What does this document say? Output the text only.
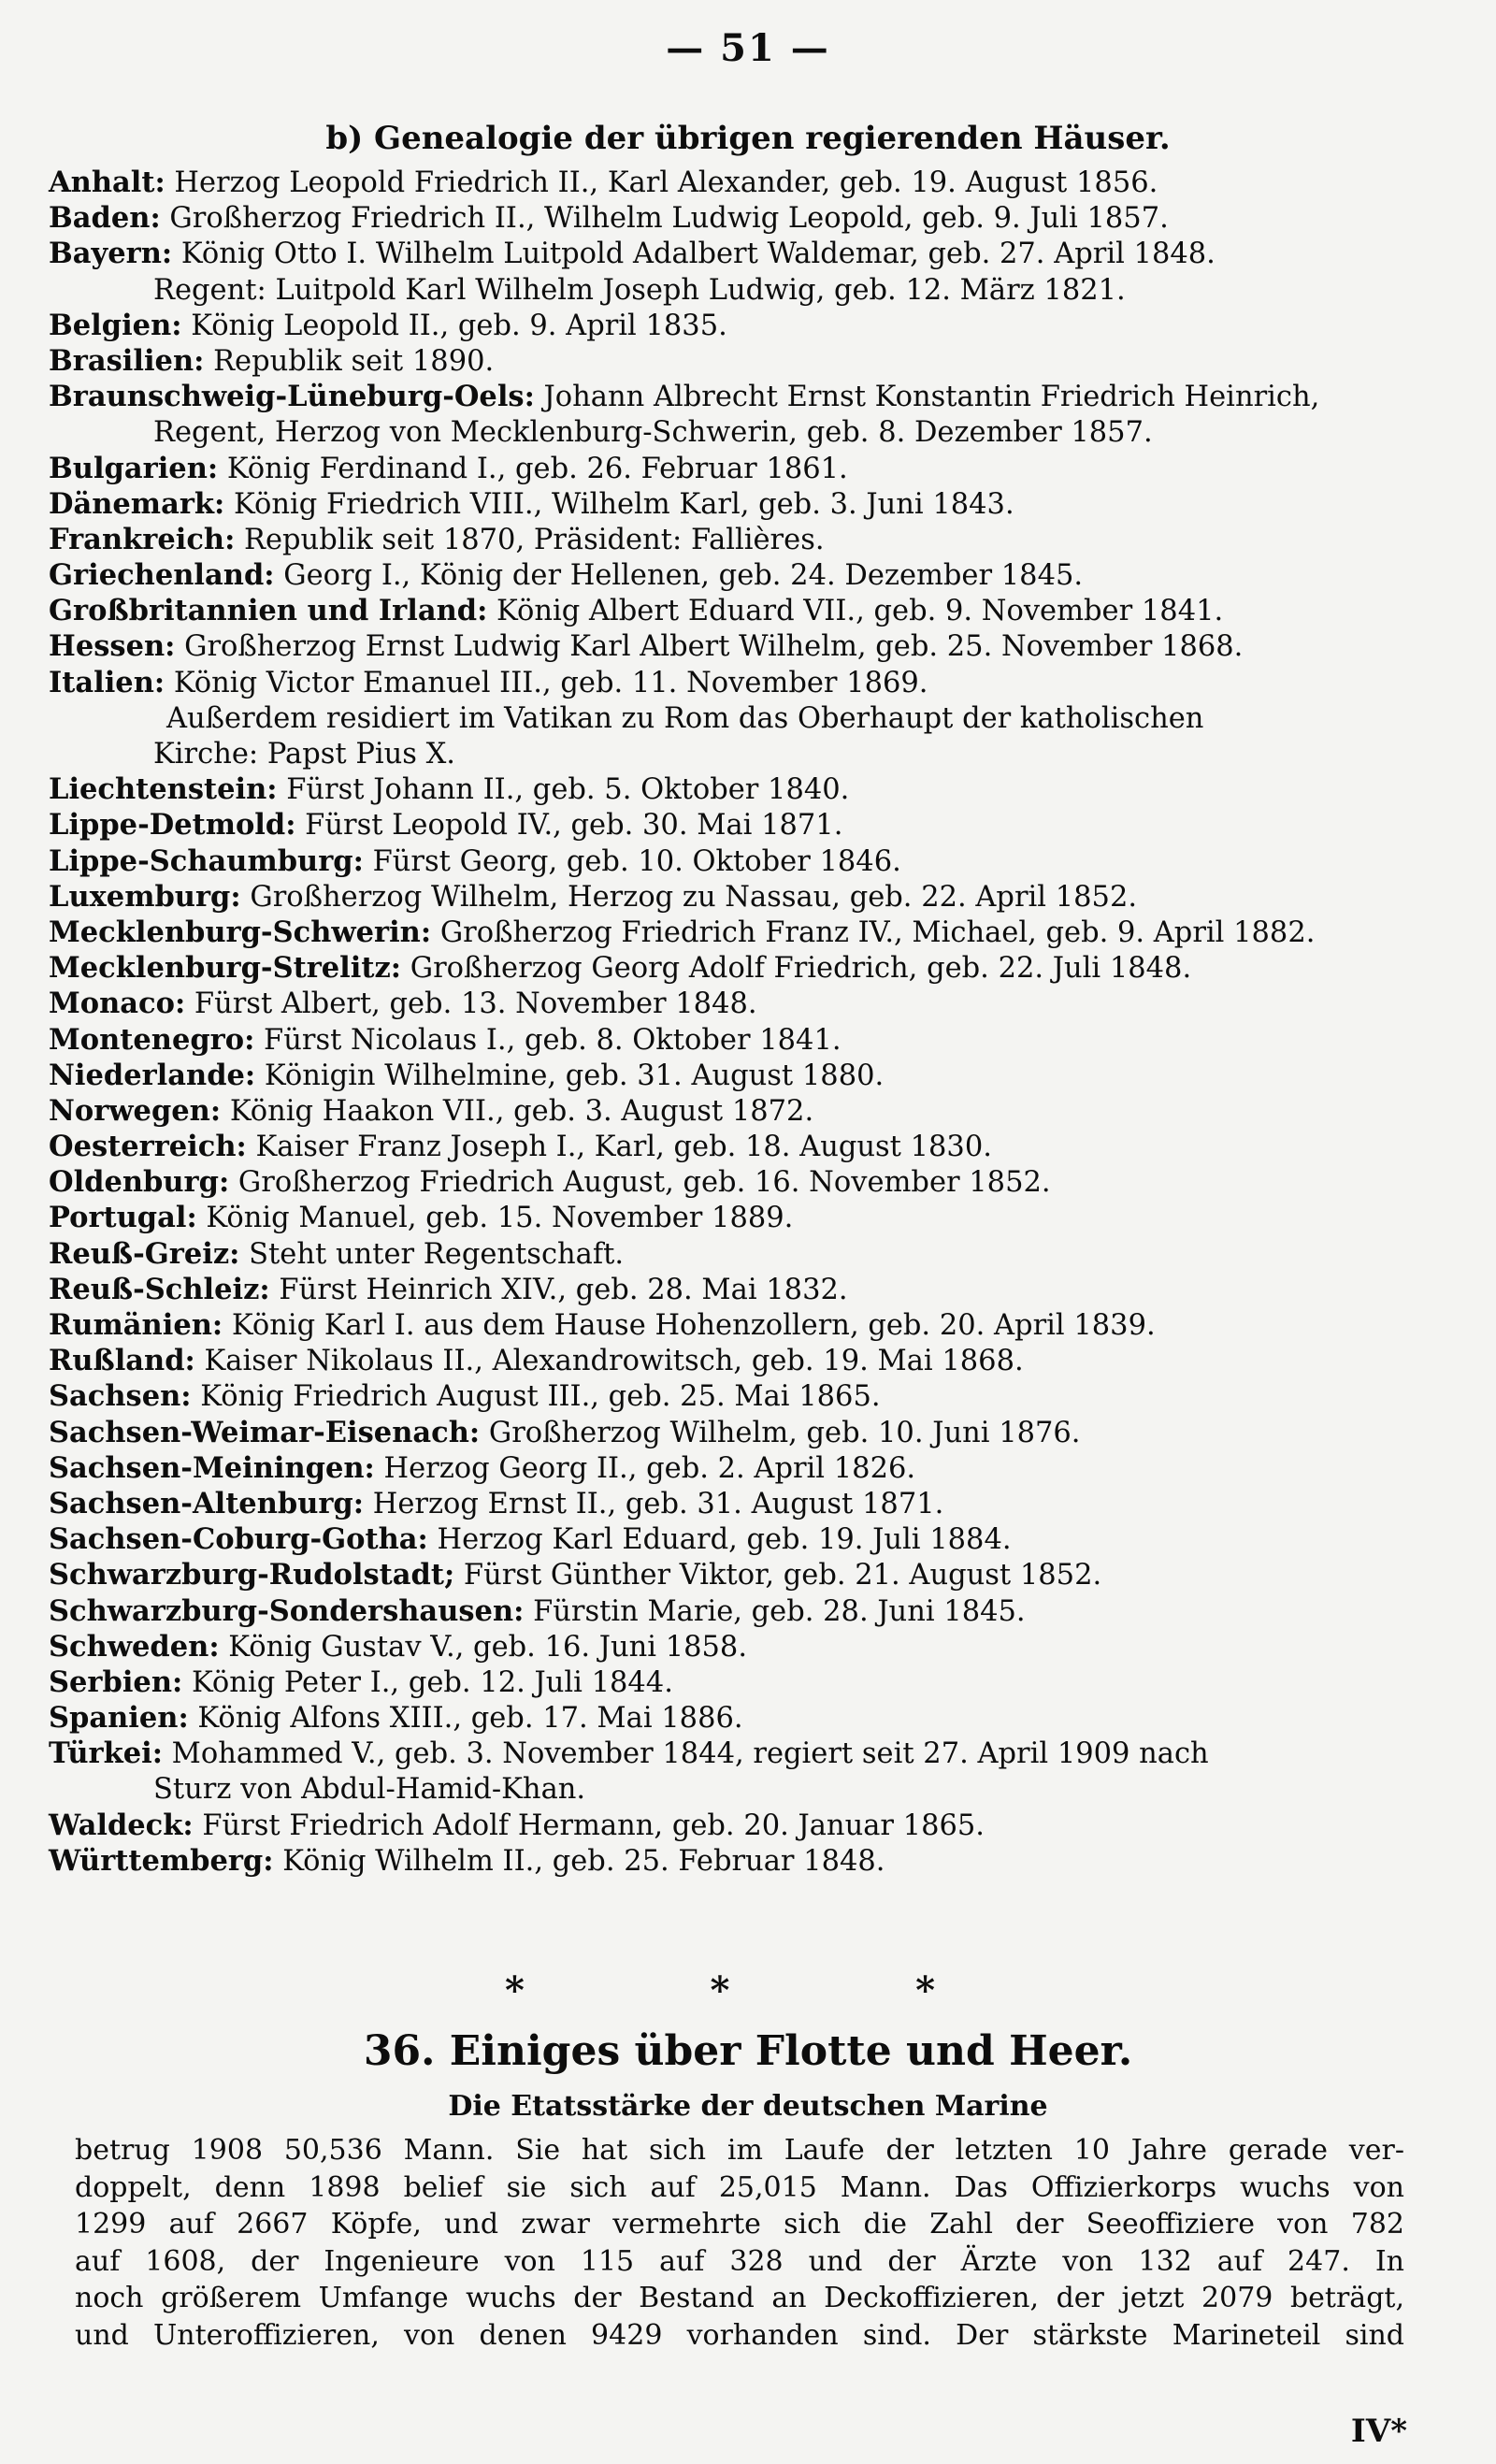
— 51 —
b) Genealogie der übrigen regierenden Häuser.
Anhalt: Herzog Leopold Friedrich II., Karl Alexander, geb. 19. August 1856.
Baden: Großherzog Friedrich II., Wilhelm Ludwig Leopold, geb. 9. Juli 1857.
Bayern: König Otto I. Wilhelm Luitpold Adalbert Waldemar, geb. 27. April 1848.
Regent: Luitpold Karl Wilhelm Joseph Ludwig, geb. 12. März 1821.
Belgien: König Leopold II., geb. 9. April 1835.
Brasilien: Republik seit 1890.
Braunschweig-Lüneburg-Oels: Johann Albrecht Ernst Konstantin Friedrich Heinrich,
Regent, Herzog von Mecklenburg-Schwerin, geb. 8. Dezember 1857.
Bulgarien: König Ferdinand I., geb. 26. Februar 1861.
Dänemark: König Friedrich VIII., Wilhelm Karl, geb. 3. Juni 1843.
Frankreich: Republik seit 1870, Präsident: Fallières.
Griechenland: Georg I., König der Hellenen, geb. 24. Dezember 1845.
Großbritannien und Irland: König Albert Eduard VII., geb. 9. November 1841.
Hessen: Großherzog Ernst Ludwig Karl Albert Wilhelm, geb. 25. November 1868.
Italien: König Victor Emanuel III., geb. 11. November 1869.
Außerdem residiert im Vatikan zu Rom das Oberhaupt der katholischen
Kirche: Papst Pius X.
Liechtenstein: Fürst Johann II., geb. 5. Oktober 1840.
Lippe-Detmold: Fürst Leopold IV., geb. 30. Mai 1871.
Lippe-Schaumburg: Fürst Georg, geb. 10. Oktober 1846.
Luxemburg: Großherzog Wilhelm, Herzog zu Nassau, geb. 22. April 1852.
Mecklenburg-Schwerin: Großherzog Friedrich Franz IV., Michael, geb. 9. April 1882.
Mecklenburg-Strelitz: Großherzog Georg Adolf Friedrich, geb. 22. Juli 1848.
Monaco: Fürst Albert, geb. 13. November 1848.
Montenegro: Fürst Nicolaus I., geb. 8. Oktober 1841.
Niederlande: Königin Wilhelmine, geb. 31. August 1880.
Norwegen: König Haakon VII., geb. 3. August 1872.
Oesterreich: Kaiser Franz Joseph I., Karl, geb. 18. August 1830.
Oldenburg: Großherzog Friedrich August, geb. 16. November 1852.
Portugal: König Manuel, geb. 15. November 1889.
Reuß-Greiz: Steht unter Regentschaft.
Reuß-Schleiz: Fürst Heinrich XIV., geb. 28. Mai 1832.
Rumänien: König Karl I. aus dem Hause Hohenzollern, geb. 20. April 1839.
Rußland: Kaiser Nikolaus II., Alexandrowitsch, geb. 19. Mai 1868.
Sachsen: König Friedrich August III., geb. 25. Mai 1865.
Sachsen-Weimar-Eisenach: Großherzog Wilhelm, geb. 10. Juni 1876.
Sachsen-Meiningen: Herzog Georg II., geb. 2. April 1826.
Sachsen-Altenburg: Herzog Ernst II., geb. 31. August 1871.
Sachsen-Coburg-Gotha: Herzog Karl Eduard, geb. 19. Juli 1884.
Schwarzburg-Rudolstadt; Fürst Günther Viktor, geb. 21. August 1852.
Schwarzburg-Sondershausen: Fürstin Marie, geb. 28. Juni 1845.
Schweden: König Gustav V., geb. 16. Juni 1858.
Serbien: König Peter I., geb. 12. Juli 1844.
Spanien: König Alfons XIII., geb. 17. Mai 1886.
Türkei: Mohammed V., geb. 3. November 1844, regiert seit 27. April 1909 nach
Sturz von Abdul-Hamid-Khan.
Waldeck: Fürst Friedrich Adolf Hermann, geb. 20. Januar 1865.
Württemberg: König Wilhelm II., geb. 25. Februar 1848.
*	*	*
36. Einiges über Flotte und Heer.
Die Etatsstärke der deutschen Marine
betrug 1908 50,536 Mann. Sie hat sich im Laufe der letzten 10 Jahre gerade ver-
doppelt, denn 1898 belief sie sich auf 25,015 Mann. Das Offizierkorps wuchs von
1299 auf 2667 Köpfe, und zwar vermehrte sich die Zahl der Seeoffiziere von 782
auf 1608, der Ingenieure von 115 auf 328 und der Ärzte von 132 auf 247. In
noch größerem Umfange wuchs der Bestand an Deckoffizieren, der jetzt 2079 beträgt,
und Unteroffizieren, von denen 9429 vorhanden sind. Der stärkste Marineteil sind
IV*
